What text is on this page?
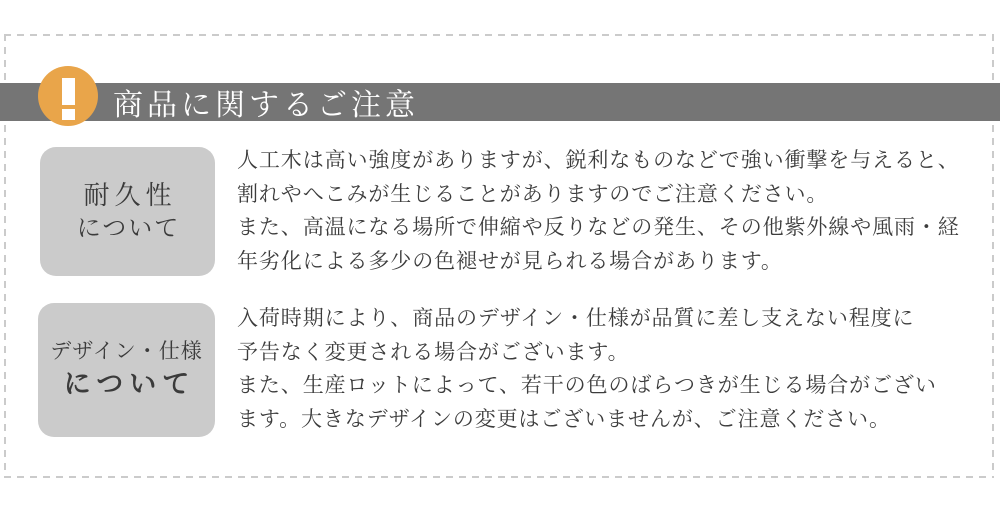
商品に関するご注意
耐久性
について

人工木は高い強度がありますが、鋭利なものなどで強い衝撃を与えると、

割れやへこみが生じることがありますのでご注意ください。

また、高温になる場所で伸縮や反りなどの発生、その他紫外線や風雨・経

年劣化による多少の色褪せが見られる場合があります。

デザイン・仕様
について

入荷時期により、商品のデザイン・仕様が品質に差し支えない程度に

予告なく変更される場合がございます。

また、生産ロットによって、若干の色のばらつきが生じる場合がござい

ます。大きなデザインの変更はございませんが、ご注意ください。
